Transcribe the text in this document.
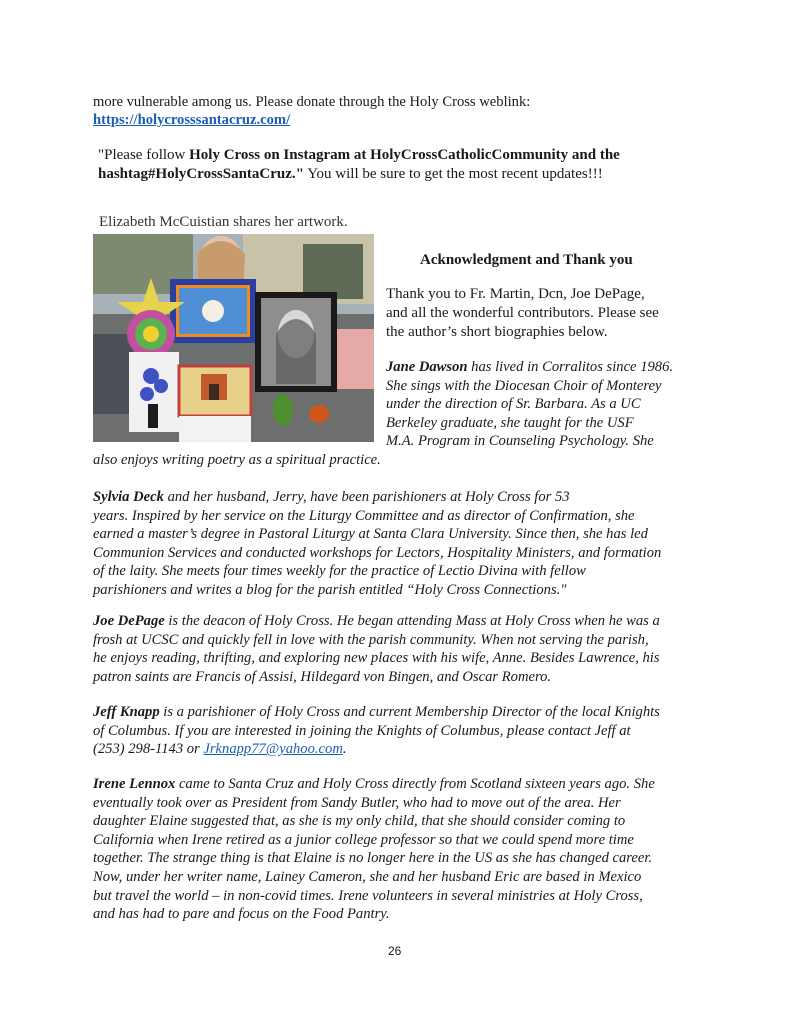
more vulnerable among us. Please donate through the Holy Cross weblink:
https://holycrosssantacruz.com/
"Please follow Holy Cross on Instagram at HolyCrossCatholicCommunity and the
hashtag#HolyCrossSantaCruz." You will be sure to get the most recent updates!!!
Elizabeth McCuistian shares her artwork.
Acknowledgment and Thank you
Thank you to Fr. Martin, Dcn, Joe DePage,
and all the wonderful contributors. Please see
the author’s short biographies below.
Jane Dawson has lived in Corralitos since 1986.
She sings with the Diocesan Choir of Monterey
under the direction of Sr. Barbara. As a UC
Berkeley graduate, she taught for the USF
M.A. Program in Counseling Psychology. She
also enjoys writing poetry as a spiritual practice.
Sylvia Deck and her husband, Jerry, have been parishioners at Holy Cross for 53
years. Inspired by her service on the Liturgy Committee and as director of Confirmation, she
earned a master’s degree in Pastoral Liturgy at Santa Clara University. Since then, she has led
Communion Services and conducted workshops for Lectors, Hospitality Ministers, and formation
of the laity. She meets four times weekly for the practice of Lectio Divina with fellow
parishioners and writes a blog for the parish entitled “Holy Cross Connections."
Joe DePage is the deacon of Holy Cross. He began attending Mass at Holy Cross when he was a
frosh at UCSC and quickly fell in love with the parish community. When not serving the parish,
he enjoys reading, thrifting, and exploring new places with his wife, Anne. Besides Lawrence, his
patron saints are Francis of Assisi, Hildegard von Bingen, and Oscar Romero.
Jeff Knapp is a parishioner of Holy Cross and current Membership Director of the local Knights
of Columbus. If you are interested in joining the Knights of Columbus, please contact Jeff at
(253) 298-1143 or Jrknapp77@yahoo.com.
Irene Lennox came to Santa Cruz and Holy Cross directly from Scotland sixteen years ago. She
eventually took over as President from Sandy Butler, who had to move out of the area. Her
daughter Elaine suggested that, as she is my only child, that she should consider coming to
California when Irene retired as a junior college professor so that we could spend more time
together. The strange thing is that Elaine is no longer here in the US as she has changed career.
Now, under her writer name, Lainey Cameron, she and her husband Eric are based in Mexico
but travel the world – in non-covid times. Irene volunteers in several ministries at Holy Cross,
and has had to pare and focus on the Food Pantry.
26
